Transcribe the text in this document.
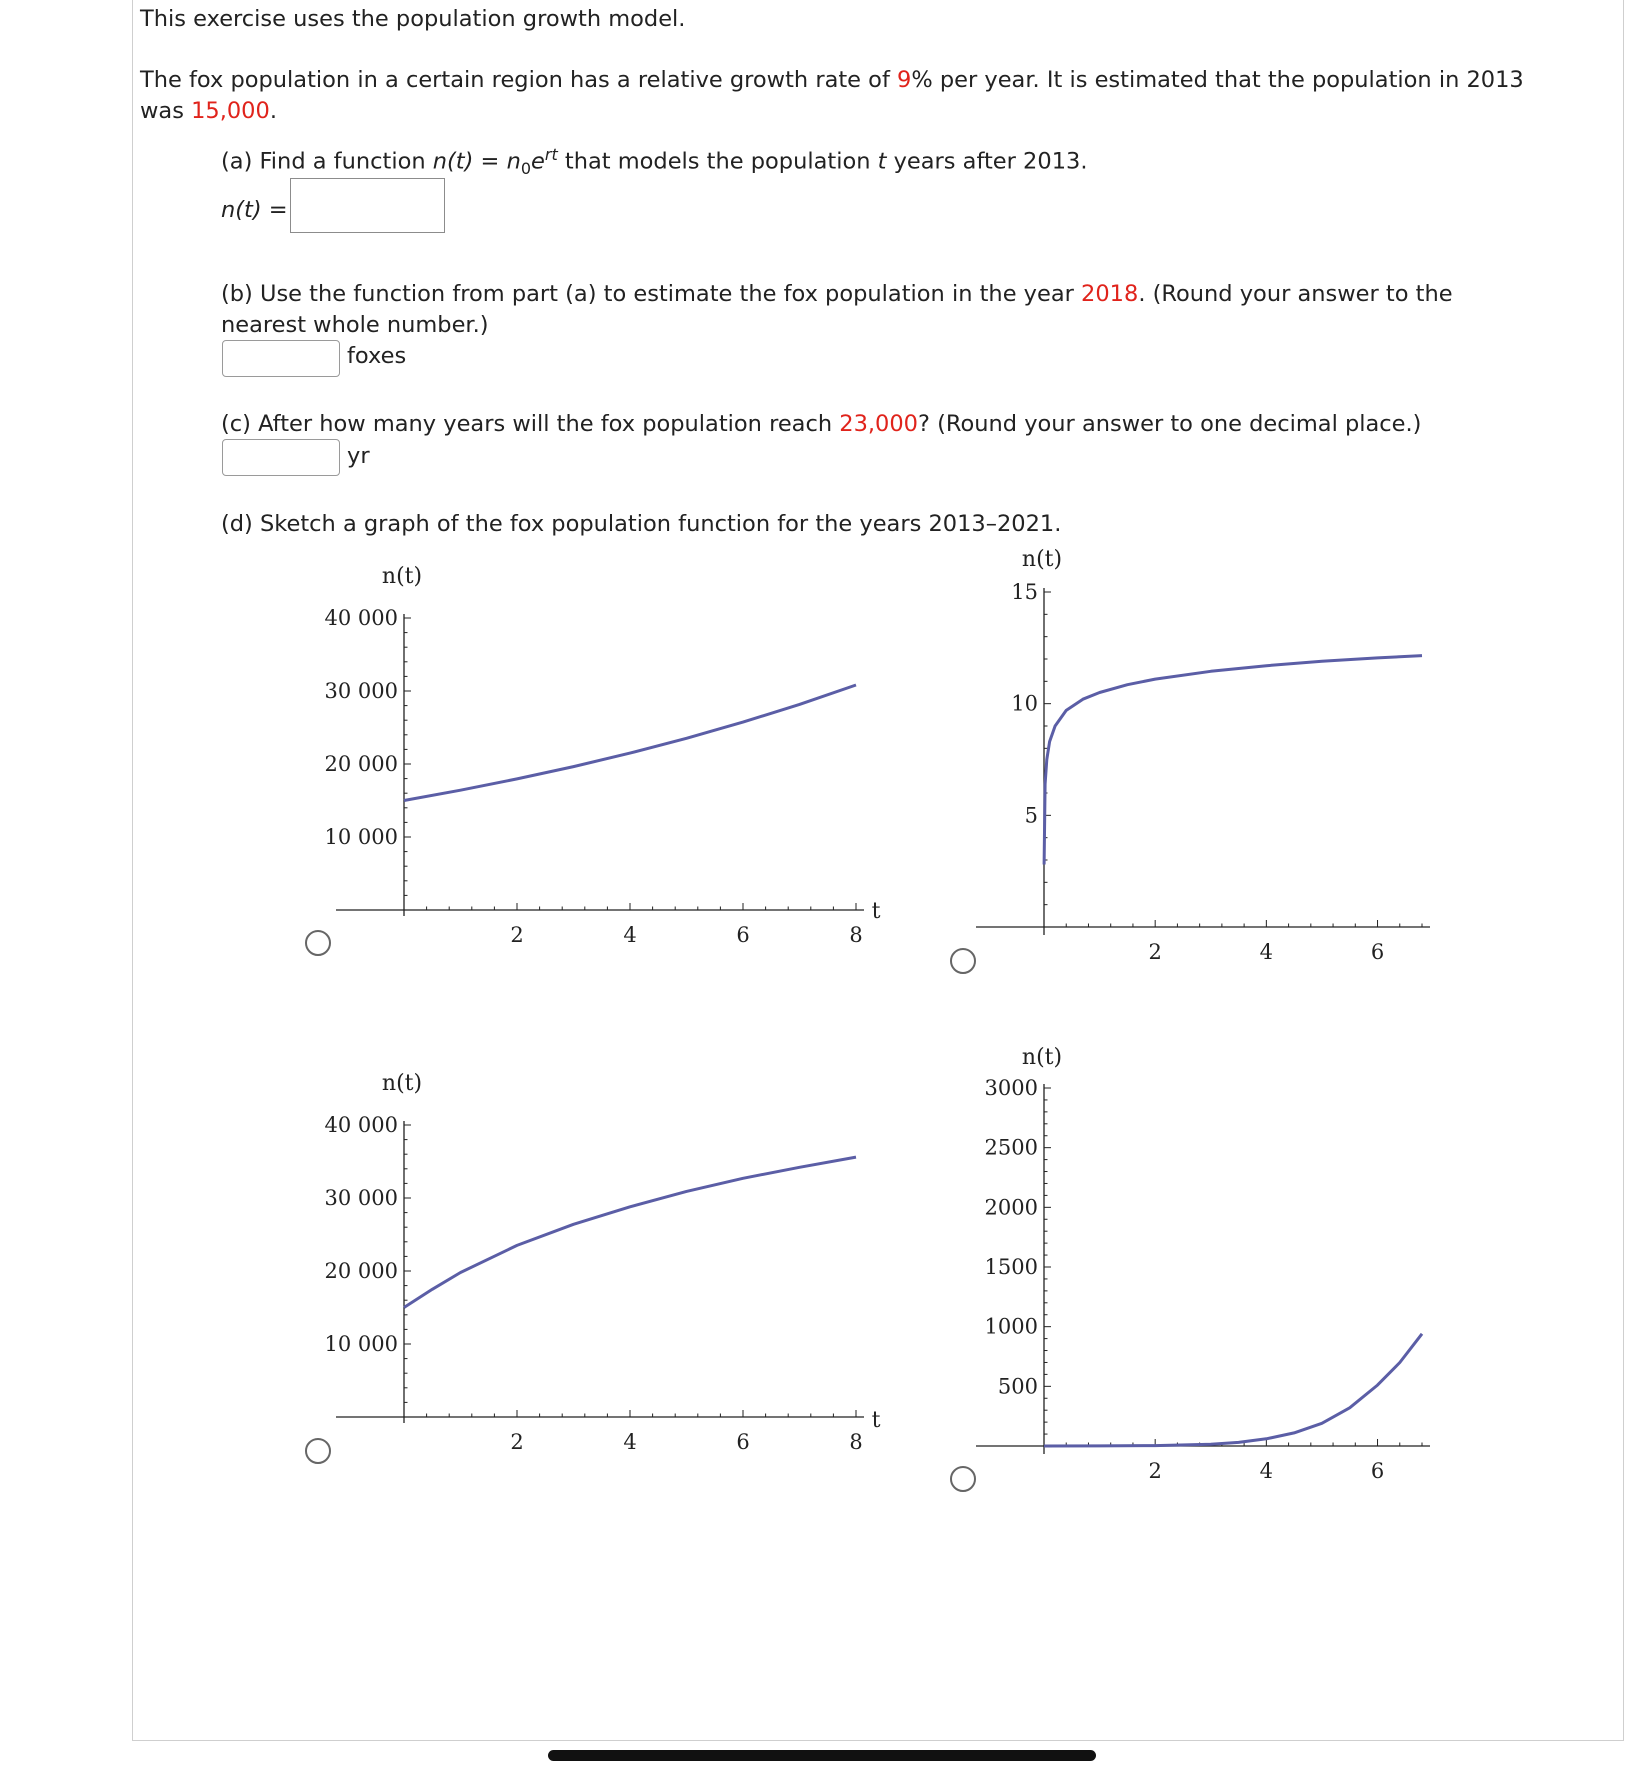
This exercise uses the population growth model.
The fox population in a certain region has a relative growth rate of 9% per year. It is estimated that the population in 2013
was 15,000.
(a) Find a function $n(t) = n_0e^{rt}$ that models the population t years after 2013.
n(t) =
(b) Use the function from part (a) to estimate the fox population in the year 2018. (Round your answer to the
nearest whole number.)
foxes
(c) After how many years will the fox population reach 23,000? (Round your answer to one decimal place.)
yr
(d) Sketch a graph of the fox population function for the years 2013–2021.
10 000
20 000
30 000
40 000
2	4	6	8
n(t)
t
5
10
15
2	4	6
n(t)
10 000
20 000
30 000
40 000
2	4	6	8
n(t)
t
500
1000
1500
2000
2500
3000
2	4	6
n(t)
